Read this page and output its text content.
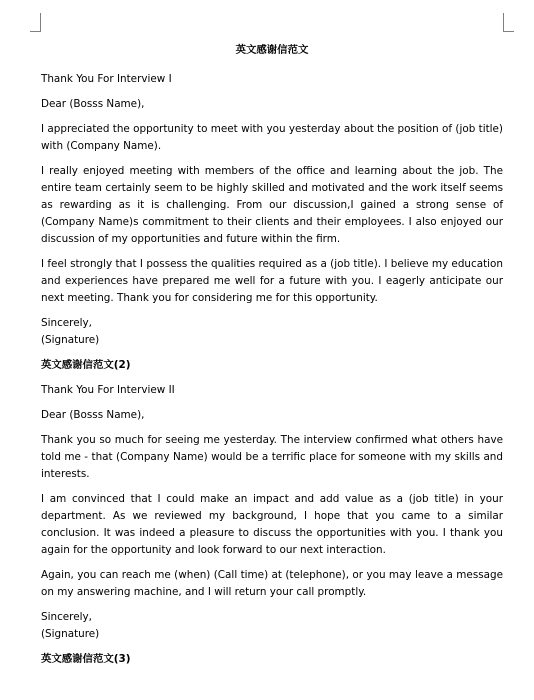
英文感谢信范文

Thank You For Interview I

Dear (Bosss Name),

I appreciated the opportunity to meet with you yesterday about the position of (job title) with (Company Name).

I really enjoyed meeting with members of the office and learning about the job. The entire team certainly seem to be highly skilled and motivated and the work itself seems as rewarding as it is challenging. From our discussion,I gained a strong sense of (Company Name)s commitment to their clients and their employees. I also enjoyed our discussion of my opportunities and future within the firm.

I feel strongly that I possess the qualities required as a (job title). I believe my education and experiences have prepared me well for a future with you. I eagerly anticipate our next meeting. Thank you for considering me for this opportunity.

Sincerely,

(Signature)

英文感谢信范文(2)

Thank You For Interview II

Dear (Bosss Name),

Thank you so much for seeing me yesterday. The interview confirmed what others have told me - that (Company Name) would be a terrific place for someone with my skills and interests.

I am convinced that I could make an impact and add value as a (job title) in your department. As we reviewed my background, I hope that you came to a similar conclusion. It was indeed a pleasure to discuss the opportunities with you. I thank you again for the opportunity and look forward to our next interaction.

Again, you can reach me (when) (Call time) at (telephone), or you may leave a message on my answering machine, and I will return your call promptly.

Sincerely,

(Signature)

英文感谢信范文(3)
